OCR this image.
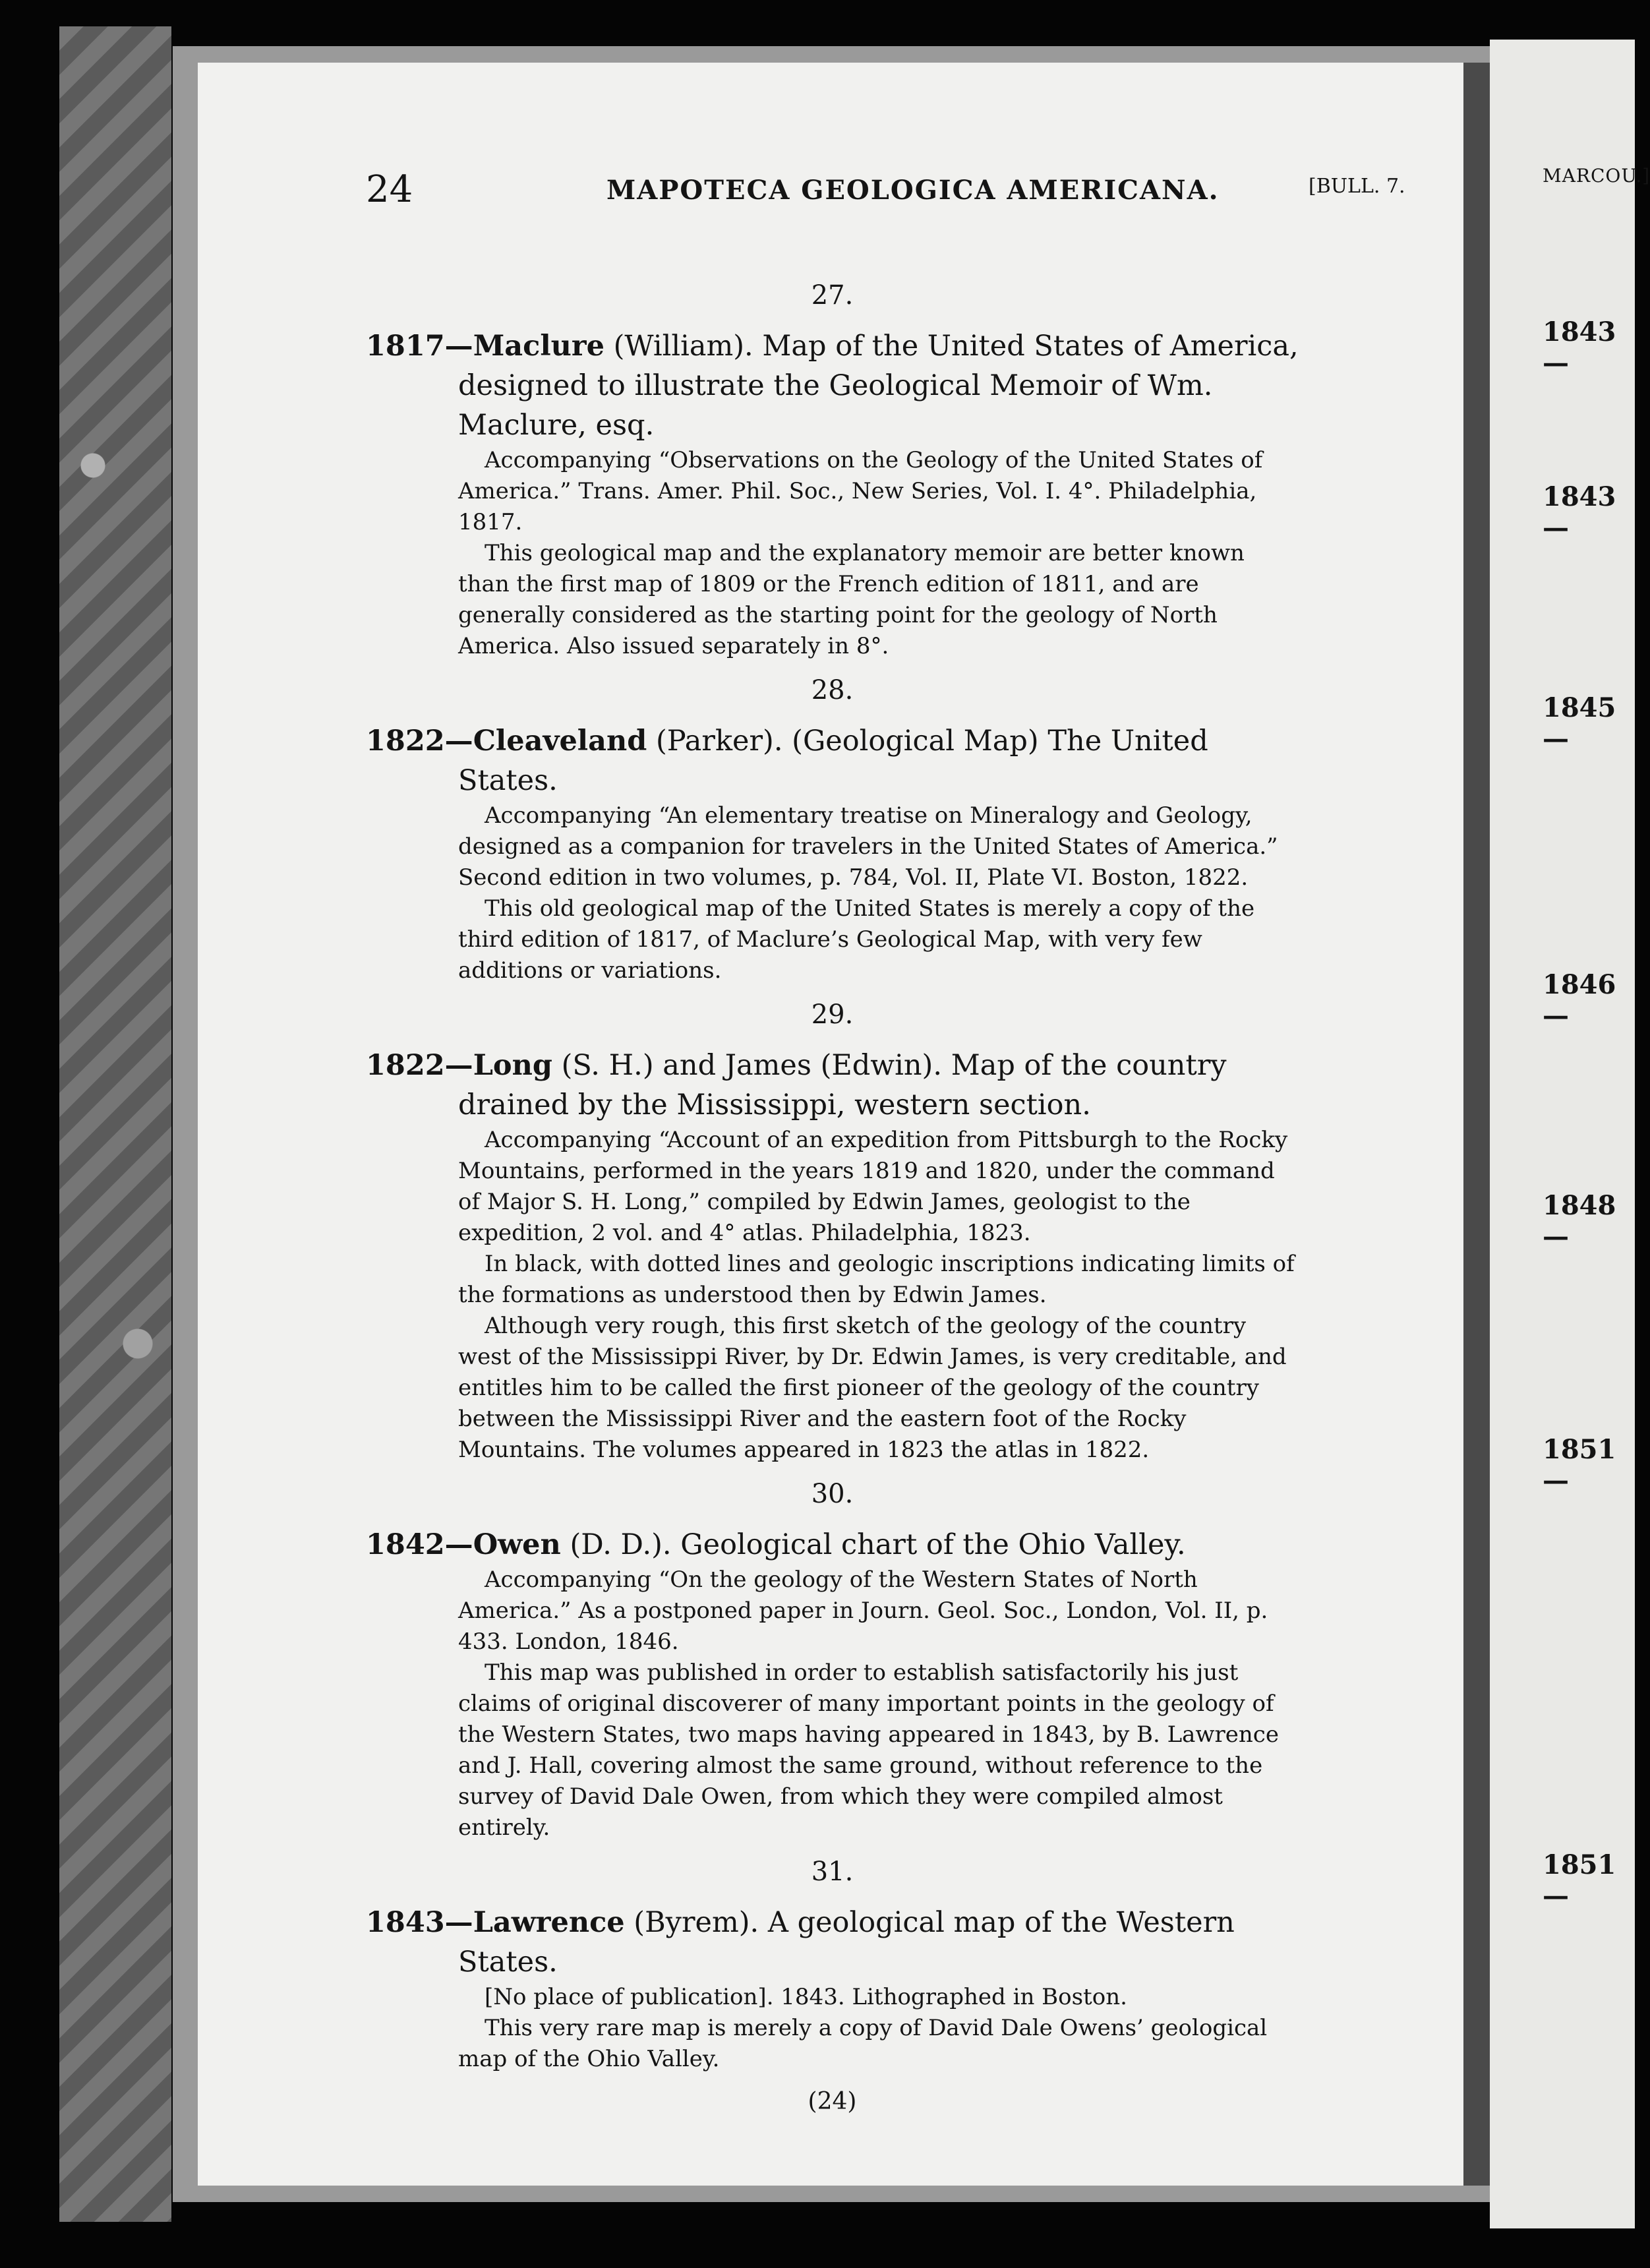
24	MAPOTECA GEOLOGICA AMERICANA.	[BULL. 7.
27.

1817—Maclure (William). Map of the United States of America, designed to illustrate the Geological Memoir of Wm. Maclure, esq.

Accompanying “Observations on the Geology of the United States of America.” Trans. Amer. Phil. Soc., New Series, Vol. I. 4°. Philadelphia, 1817.
This geological map and the explanatory memoir are better known than the first map of 1809 or the French edition of 1811, and are generally considered as the starting point for the geology of North America. Also issued separately in 8°.
28.

1822—Cleaveland (Parker). (Geological Map) The United States.

Accompanying “An elementary treatise on Mineralogy and Geology, designed as a companion for travelers in the United States of America.” Second edition in two volumes, p. 784, Vol. II, Plate VI. Boston, 1822.
This old geological map of the United States is merely a copy of the third edition of 1817, of Maclure’s Geological Map, with very few additions or variations.
29.

1822—Long (S. H.) and James (Edwin). Map of the country drained by the Mississippi, western section.

Accompanying “Account of an expedition from Pittsburgh to the Rocky Mountains, performed in the years 1819 and 1820, under the command of Major S. H. Long,” compiled by Edwin James, geologist to the expedition, 2 vol. and 4° atlas. Philadelphia, 1823.
In black, with dotted lines and geologic inscriptions indicating limits of the formations as understood then by Edwin James.
Although very rough, this first sketch of the geology of the country west of the Mississippi River, by Dr. Edwin James, is very creditable, and entitles him to be called the first pioneer of the geology of the country between the Mississippi River and the eastern foot of the Rocky Mountains. The volumes appeared in 1823 the atlas in 1822.
30.

1842—Owen (D. D.). Geological chart of the Ohio Valley.

Accompanying “On the geology of the Western States of North America.” As a postponed paper in Journ. Geol. Soc., London, Vol. II, p. 433. London, 1846.
This map was published in order to establish satisfactorily his just claims of original discoverer of many important points in the geology of the Western States, two maps having appeared in 1843, by B. Lawrence and J. Hall, covering almost the same ground, without reference to the survey of David Dale Owen, from which they were compiled almost entirely.
31.

1843—Lawrence (Byrem). A geological map of the Western States.

[No place of publication]. 1843. Lithographed in Boston.
This very rare map is merely a copy of David Dale Owens’ geological map of the Ohio Valley.
(24)
MARCOU.]
1843—
1843—
1845—
1846—
1848—
1851—
1851—
